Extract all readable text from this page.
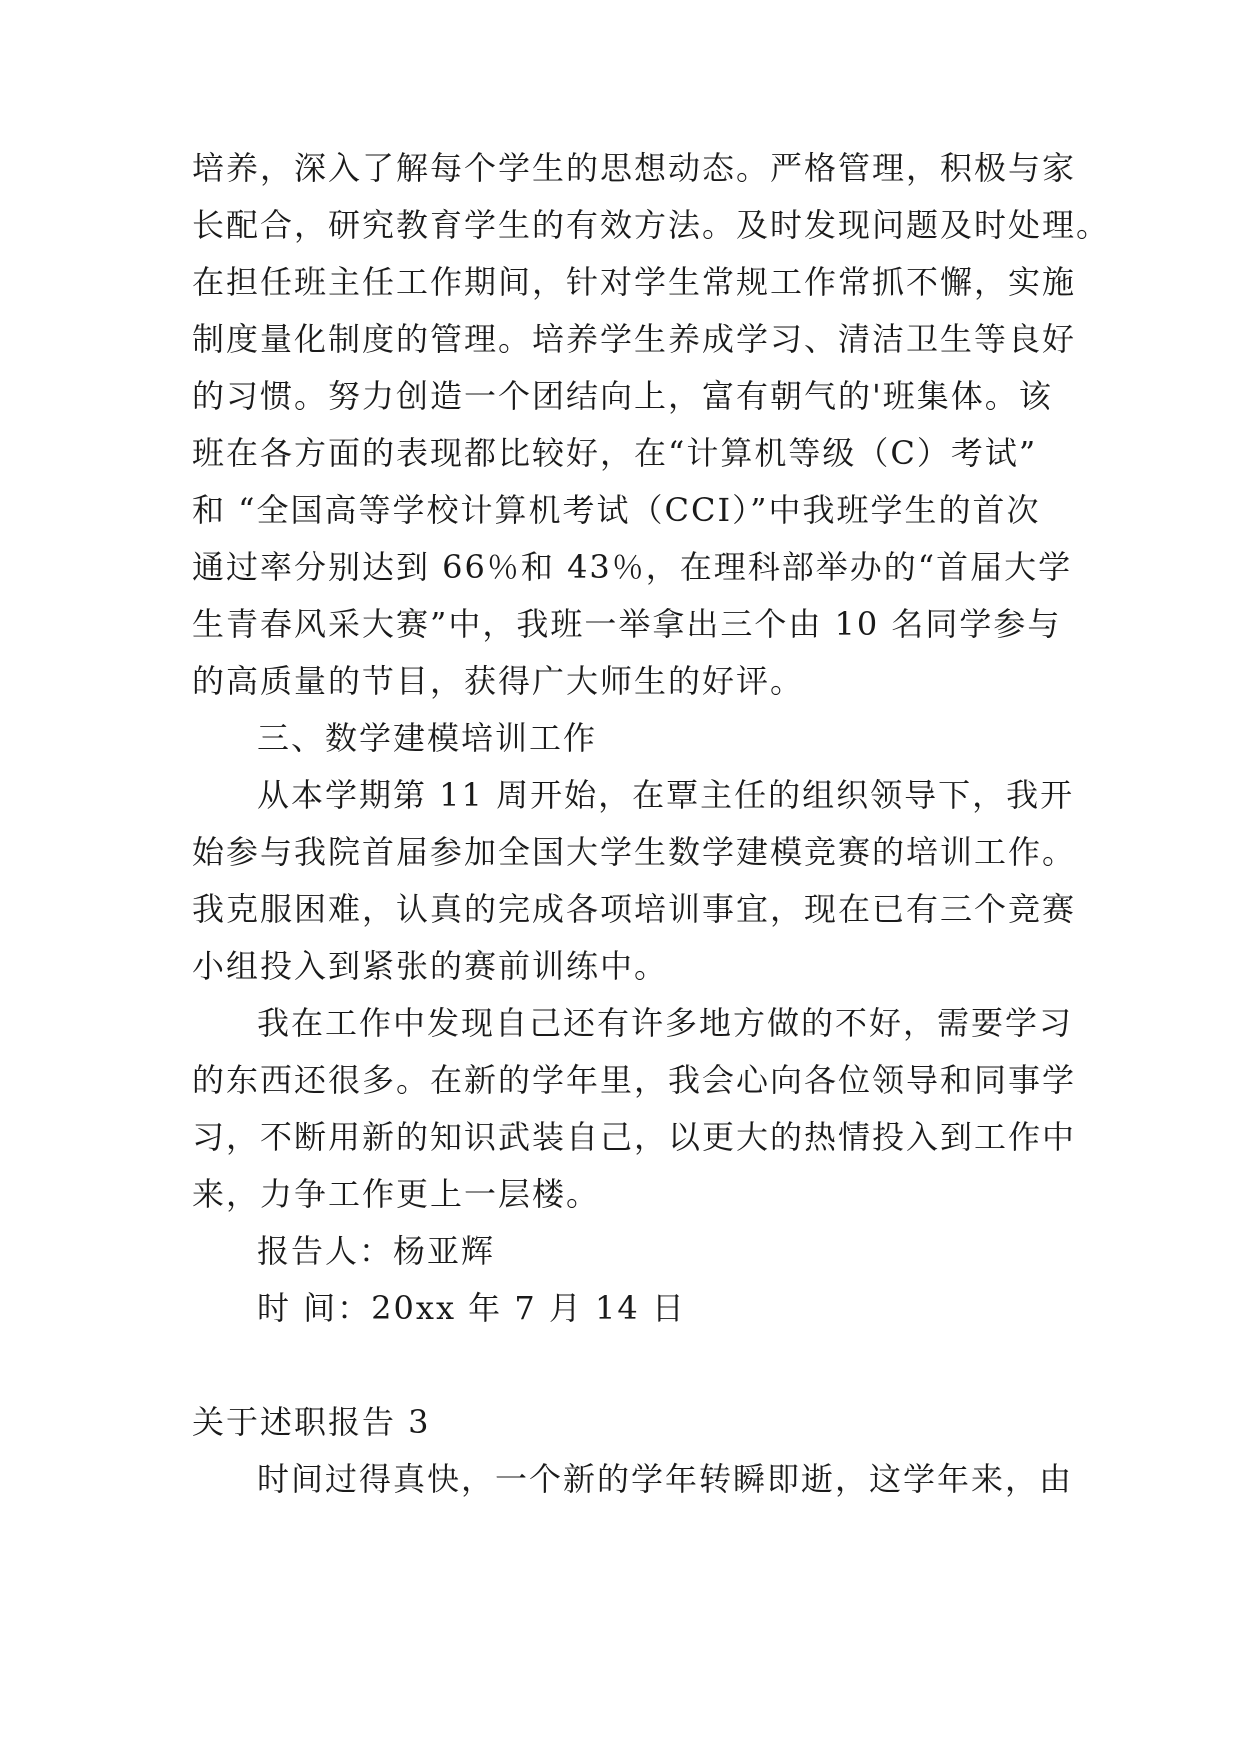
培养，深入了解每个学生的思想动态。严格管理，积极与家
长配合，研究教育学生的有效方法。及时发现问题及时处理。
在担任班主任工作期间，针对学生常规工作常抓不懈，实施
制度量化制度的管理。培养学生养成学习、清洁卫生等良好
的习惯。努力创造一个团结向上，富有朝气的'班集体。该
班在各方面的表现都比较好，在“计算机等级（C）考试”
和 “全国高等学校计算机考试（CCI）”中我班学生的首次
通过率分别达到 66％和 43％，在理科部举办的“首届大学
生青春风采大赛”中，我班一举拿出三个由 10 名同学参与
的高质量的节目，获得广大师生的好评。
三、数学建模培训工作
从本学期第 11 周开始，在覃主任的组织领导下，我开
始参与我院首届参加全国大学生数学建模竞赛的培训工作。
我克服困难，认真的完成各项培训事宜，现在已有三个竞赛
小组投入到紧张的赛前训练中。
我在工作中发现自己还有许多地方做的不好，需要学习
的东西还很多。在新的学年里，我会心向各位领导和同事学
习，不断用新的知识武装自己，以更大的热情投入到工作中
来，力争工作更上一层楼。
报告人：杨亚辉
时 间：20xx 年 7 月 14 日
关于述职报告 3
时间过得真快，一个新的学年转瞬即逝，这学年来，由
